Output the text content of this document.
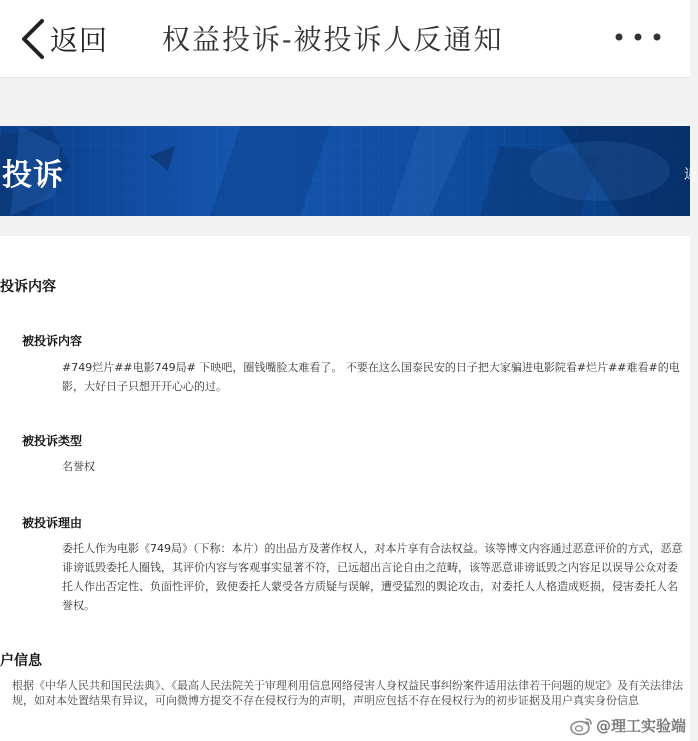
返回 权益投诉-被投诉人反通知
投诉	返
投诉内容
被投诉内容
#749烂片##电影749局# 下映吧，圈钱嘴脸太难看了。 不要在这么国泰民安的日子把大家骗进电影院看#烂片##难看#的电影，大好日子只想开开心心的过。
被投诉类型
名誉权
被投诉理由
委托人作为电影《749局》（下称：本片）的出品方及著作权人，对本片享有合法权益。该等博文内容通过恶意评价的方式，恶意诽谤诋毁委托人圈钱，其评价内容与客观事实显著不符，已远超出言论自由之范畴，该等恶意诽谤诋毁之内容足以误导公众对委托人作出否定性、负面性评价，致使委托人蒙受各方质疑与误解，遭受猛烈的舆论攻击，对委托人人格造成贬损，侵害委托人名誉权。
户信息
根据《中华人民共和国民法典》、《最高人民法院关于审理利用信息网络侵害人身权益民事纠纷案件适用法律若干问题的规定》及有关法律法规，如对本处置结果有异议，可向微博方提交不存在侵权行为的声明，声明应包括不存在侵权行为的初步证据及用户真实身份信息
@理工实验端
